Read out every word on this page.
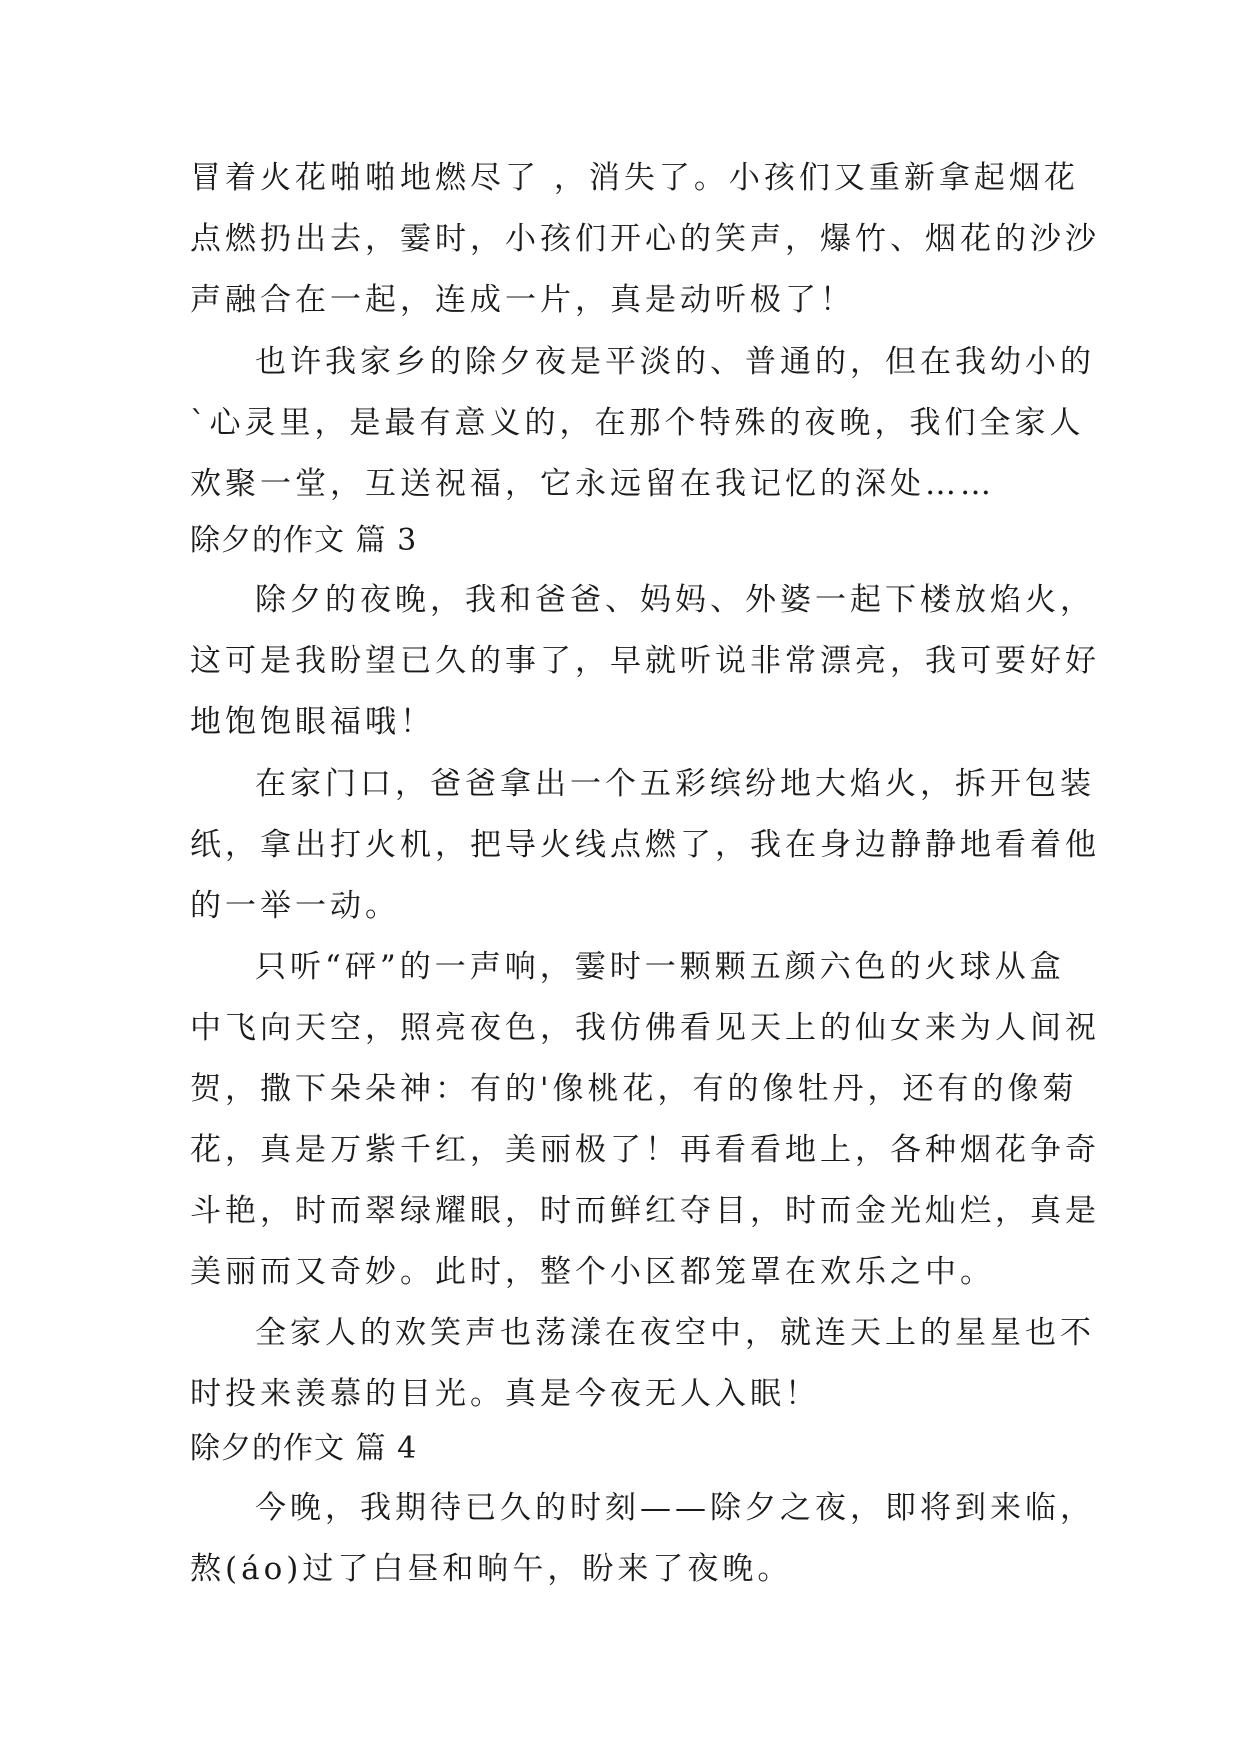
冒着火花啪啪地燃尽了 ，消失了。小孩们又重新拿起烟花
点燃扔出去，霎时，小孩们开心的笑声，爆竹、烟花的沙沙
声融合在一起，连成一片，真是动听极了！
也许我家乡的除夕夜是平淡的、普通的，但在我幼小的
`心灵里，是最有意义的，在那个特殊的夜晚，我们全家人
欢聚一堂，互送祝福，它永远留在我记忆的深处……
除夕的作文 篇 3
除夕的夜晚，我和爸爸、妈妈、外婆一起下楼放焰火，
这可是我盼望已久的事了，早就听说非常漂亮，我可要好好
地饱饱眼福哦！
在家门口，爸爸拿出一个五彩缤纷地大焰火，拆开包装
纸，拿出打火机，把导火线点燃了，我在身边静静地看着他
的一举一动。
只听“砰”的一声响，霎时一颗颗五颜六色的火球从盒
中飞向天空，照亮夜色，我仿佛看见天上的仙女来为人间祝
贺，撒下朵朵神：有的'像桃花，有的像牡丹，还有的像菊
花，真是万紫千红，美丽极了！再看看地上，各种烟花争奇
斗艳，时而翠绿耀眼，时而鲜红夺目，时而金光灿烂，真是
美丽而又奇妙。此时，整个小区都笼罩在欢乐之中。
全家人的欢笑声也荡漾在夜空中，就连天上的星星也不
时投来羡慕的目光。真是今夜无人入眠！
除夕的作文 篇 4
今晚，我期待已久的时刻——除夕之夜，即将到来临，
熬(áo)过了白昼和晌午，盼来了夜晚。
